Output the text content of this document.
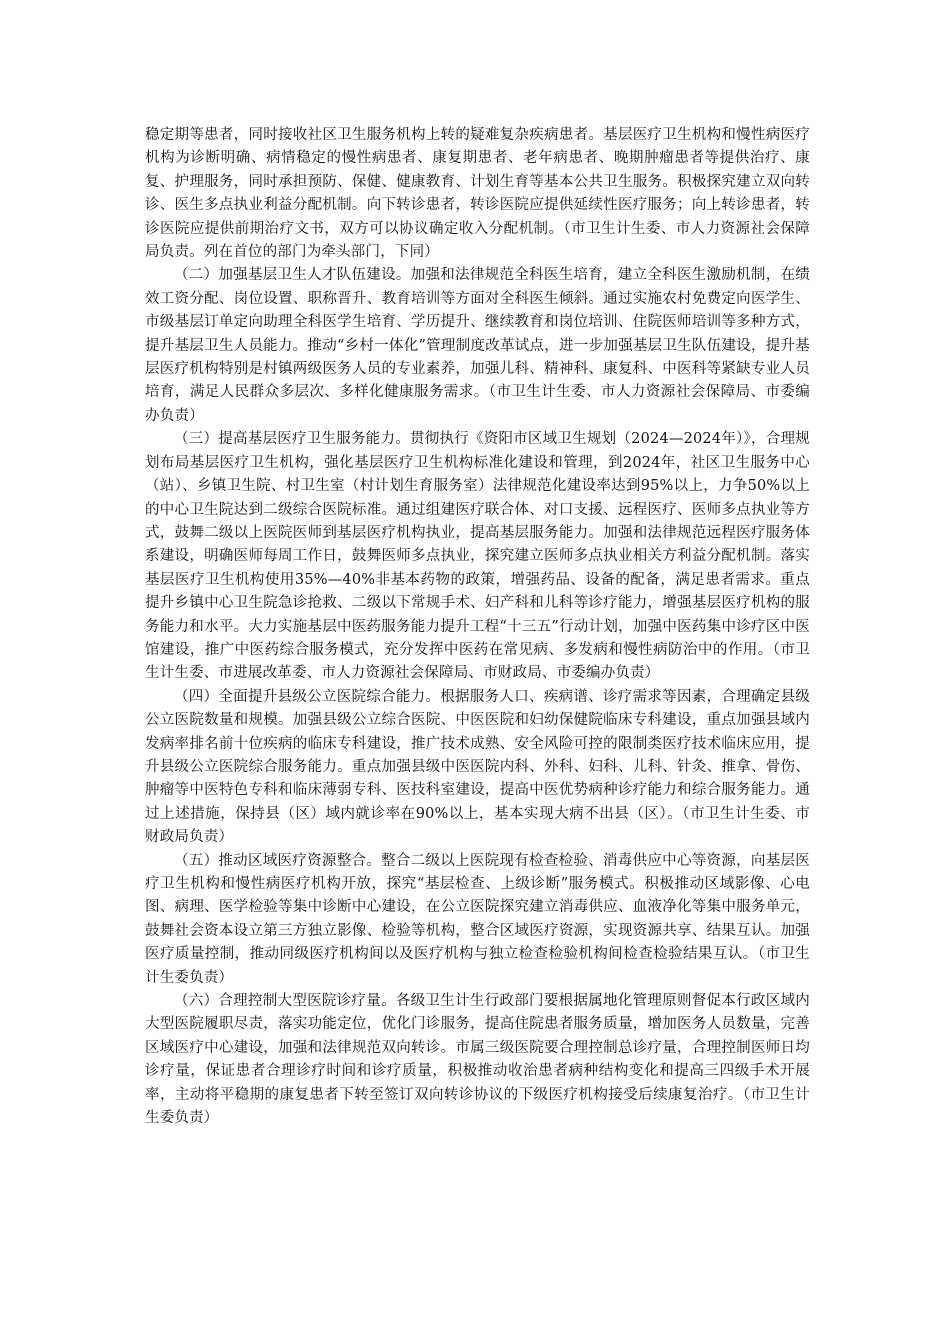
稳定期等患者，同时接收社区卫生服务机构上转的疑难复杂疾病患者。基层医疗卫生机构和慢性病医疗机构为诊断明确、病情稳定的慢性病患者、康复期患者、老年病患者、晚期肿瘤患者等提供治疗、康复、护理服务，同时承担预防、保健、健康教育、计划生育等基本公共卫生服务。积极探究建立双向转诊、医生多点执业利益分配机制。向下转诊患者，转诊医院应提供延续性医疗服务；向上转诊患者，转诊医院应提供前期治疗文书，双方可以协议确定收入分配机制。（市卫生计生委、市人力资源社会保障局负责。列在首位的部门为牵头部门，下同）

（二）加强基层卫生人才队伍建设。加强和法律规范全科医生培育，建立全科医生激励机制，在绩效工资分配、岗位设置、职称晋升、教育培训等方面对全科医生倾斜。通过实施农村免费定向医学生、市级基层订单定向助理全科医学生培育、学历提升、继续教育和岗位培训、住院医师培训等多种方式，提升基层卫生人员能力。推动“乡村一体化”管理制度改革试点，进一步加强基层卫生队伍建设，提升基层医疗机构特别是村镇两级医务人员的专业素养，加强儿科、精神科、康复科、中医科等紧缺专业人员培育，满足人民群众多层次、多样化健康服务需求。（市卫生计生委、市人力资源社会保障局、市委编办负责）

（三）提高基层医疗卫生服务能力。贯彻执行《资阳市区域卫生规划（2024—2024年）》，合理规划布局基层医疗卫生机构，强化基层医疗卫生机构标准化建设和管理，到2024年，社区卫生服务中心（站）、乡镇卫生院、村卫生室（村计划生育服务室）法律规范化建设率达到95%以上，力争50%以上的中心卫生院达到二级综合医院标准。通过组建医疗联合体、对口支援、远程医疗、医师多点执业等方式，鼓舞二级以上医院医师到基层医疗机构执业，提高基层服务能力。加强和法律规范远程医疗服务体系建设，明确医师每周工作日，鼓舞医师多点执业，探究建立医师多点执业相关方利益分配机制。落实基层医疗卫生机构使用35%—40%非基本药物的政策，增强药品、设备的配备，满足患者需求。重点提升乡镇中心卫生院急诊抢救、二级以下常规手术、妇产科和儿科等诊疗能力，增强基层医疗机构的服务能力和水平。大力实施基层中医药服务能力提升工程“十三五”行动计划，加强中医药集中诊疗区中医馆建设，推广中医药综合服务模式，充分发挥中医药在常见病、多发病和慢性病防治中的作用。（市卫生计生委、市进展改革委、市人力资源社会保障局、市财政局、市委编办负责）

（四）全面提升县级公立医院综合能力。根据服务人口、疾病谱、诊疗需求等因素，合理确定县级公立医院数量和规模。加强县级公立综合医院、中医医院和妇幼保健院临床专科建设，重点加强县域内发病率排名前十位疾病的临床专科建设，推广技术成熟、安全风险可控的限制类医疗技术临床应用，提升县级公立医院综合服务能力。重点加强县级中医医院内科、外科、妇科、儿科、针灸、推拿、骨伤、肿瘤等中医特色专科和临床薄弱专科、医技科室建设，提高中医优势病种诊疗能力和综合服务能力。通过上述措施，保持县（区）域内就诊率在90%以上，基本实现大病不出县（区）。（市卫生计生委、市财政局负责）

（五）推动区域医疗资源整合。整合二级以上医院现有检查检验、消毒供应中心等资源，向基层医疗卫生机构和慢性病医疗机构开放，探究“基层检查、上级诊断”服务模式。积极推动区域影像、心电图、病理、医学检验等集中诊断中心建设，在公立医院探究建立消毒供应、血液净化等集中服务单元，鼓舞社会资本设立第三方独立影像、检验等机构，整合区域医疗资源，实现资源共享、结果互认。加强医疗质量控制，推动同级医疗机构间以及医疗机构与独立检查检验机构间检查检验结果互认。（市卫生计生委负责）

（六）合理控制大型医院诊疗量。各级卫生计生行政部门要根据属地化管理原则督促本行政区域内大型医院履职尽责，落实功能定位，优化门诊服务，提高住院患者服务质量，增加医务人员数量，完善区域医疗中心建设，加强和法律规范双向转诊。市属三级医院要合理控制总诊疗量，合理控制医师日均诊疗量，保证患者合理诊疗时间和诊疗质量，积极推动收治患者病种结构变化和提高三四级手术开展率，主动将平稳期的康复患者下转至签订双向转诊协议的下级医疗机构接受后续康复治疗。（市卫生计生委负责）
